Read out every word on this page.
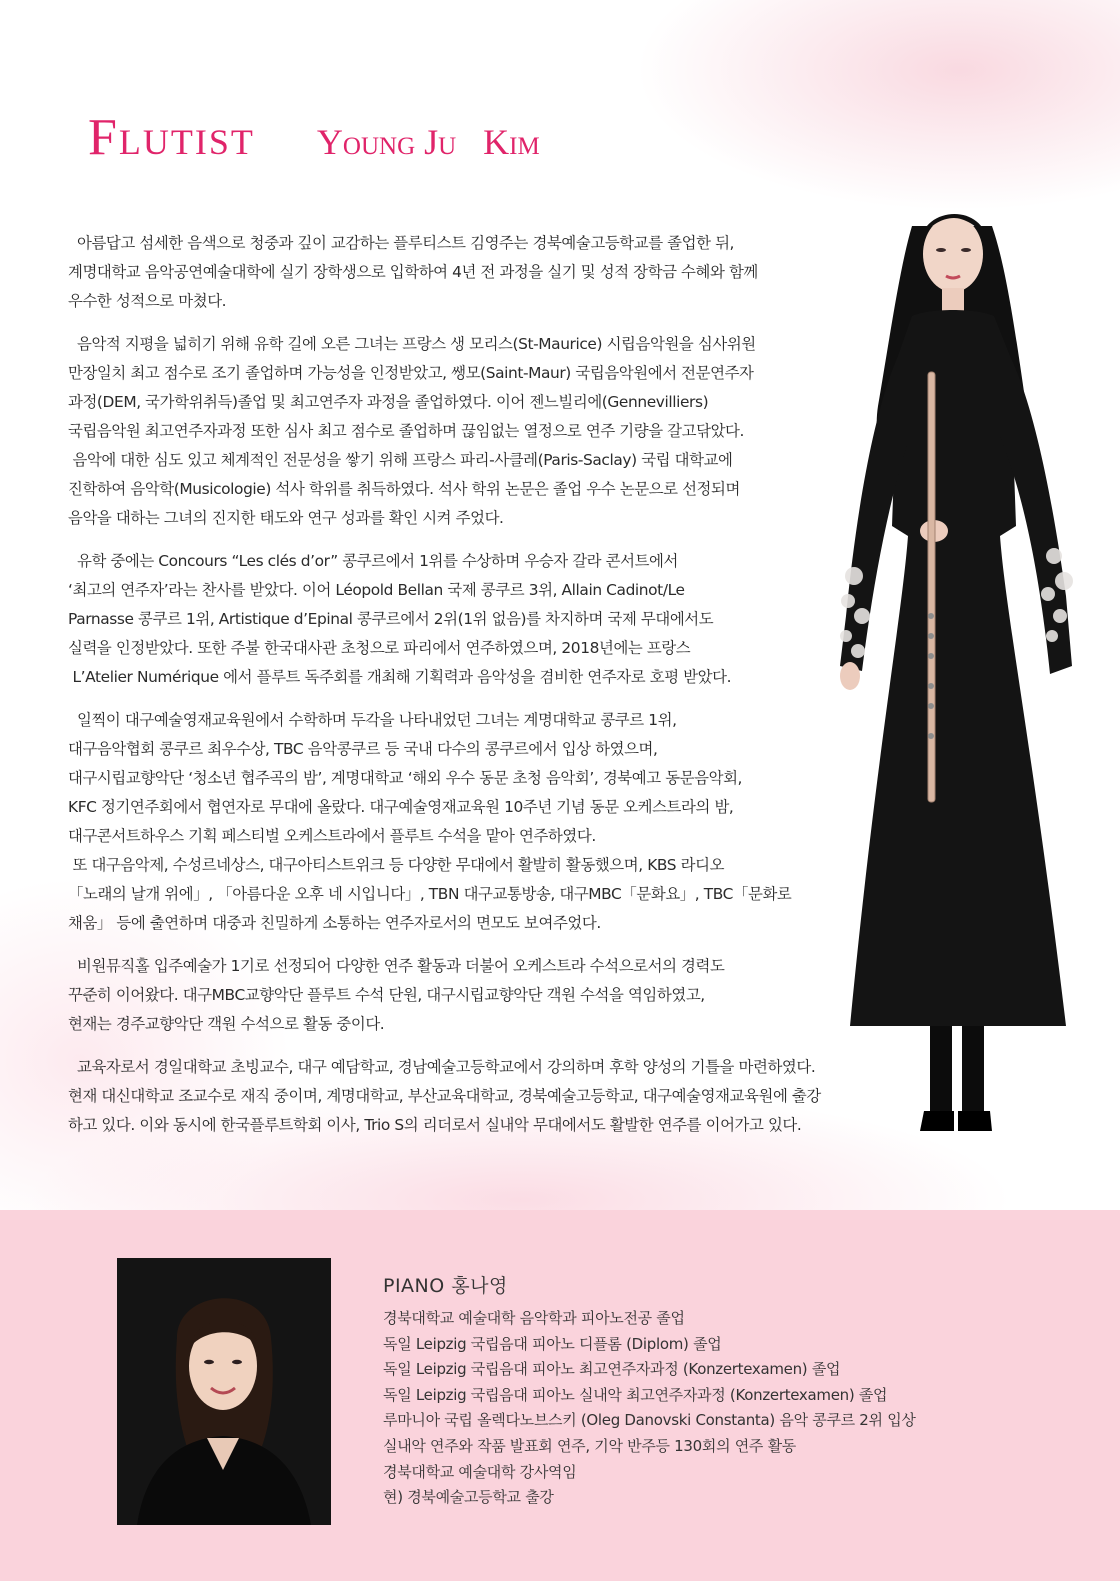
Flutist Young Ju   Kim

아름답고 섬세한 음색으로 청중과 깊이 교감하는 플루티스트 김영주는 경북예술고등학교를 졸업한 뒤,
계명대학교 음악공연예술대학에 실기 장학생으로 입학하여 4년 전 과정을 실기 및 성적 장학금 수혜와 함께
우수한 성적으로 마쳤다.

음악적 지평을 넓히기 위해 유학 길에 오른 그녀는 프랑스 생 모리스(St-Maurice) 시립음악원을 심사위원
만장일치 최고 점수로 조기 졸업하며 가능성을 인정받았고, 쌩모(Saint-Maur) 국립음악원에서 전문연주자
과정(DEM, 국가학위취득)졸업 및 최고연주자 과정을 졸업하였다. 이어 젠느빌리에(Gennevilliers)
국립음악원 최고연주자과정 또한 심사 최고 점수로 졸업하며 끊임없는 열정으로 연주 기량을 갈고닦았다.
음악에 대한 심도 있고 체계적인 전문성을 쌓기 위해 프랑스 파리-사클레(Paris-Saclay) 국립 대학교에
진학하여 음악학(Musicologie) 석사 학위를 취득하였다. 석사 학위 논문은 졸업 우수 논문으로 선정되며
음악을 대하는 그녀의 진지한 태도와 연구 성과를 확인 시켜 주었다.

유학 중에는 Concours “Les clés d’or” 콩쿠르에서 1위를 수상하며 우승자 갈라 콘서트에서
‘최고의 연주자’라는 찬사를 받았다. 이어 Léopold Bellan 국제 콩쿠르 3위, Allain Cadinot/Le
Parnasse 콩쿠르 1위, Artistique d’Epinal 콩쿠르에서 2위(1위 없음)를 차지하며 국제 무대에서도
실력을 인정받았다. 또한 주불 한국대사관 초청으로 파리에서 연주하였으며, 2018년에는 프랑스
L’Atelier Numérique 에서 플루트 독주회를 개최해 기획력과 음악성을 겸비한 연주자로 호평 받았다.

일찍이 대구예술영재교육원에서 수학하며 두각을 나타내었던 그녀는 계명대학교 콩쿠르 1위,
대구음악협회 콩쿠르 최우수상, TBC 음악콩쿠르 등 국내 다수의 콩쿠르에서 입상 하였으며,
대구시립교향악단 ‘청소년 협주곡의 밤’, 계명대학교 ‘해외 우수 동문 초청 음악회’, 경북예고 동문음악회,
KFC 정기연주회에서 협연자로 무대에 올랐다. 대구예술영재교육원 10주년 기념 동문 오케스트라의 밤,
대구콘서트하우스 기획 페스티벌 오케스트라에서 플루트 수석을 맡아 연주하였다.
또 대구음악제, 수성르네상스, 대구아티스트위크 등 다양한 무대에서 활발히 활동했으며, KBS 라디오
「노래의 날개 위에」, 「아름다운 오후 네 시입니다」, TBN 대구교통방송, 대구MBC「문화요」, TBC「문화로
채움」 등에 출연하며 대중과 친밀하게 소통하는 연주자로서의 면모도 보여주었다.

비원뮤직홀 입주예술가 1기로 선정되어 다양한 연주 활동과 더불어 오케스트라 수석으로서의 경력도
꾸준히 이어왔다. 대구MBC교향악단 플루트 수석 단원, 대구시립교향악단 객원 수석을 역임하였고,
현재는 경주교향악단 객원 수석으로 활동 중이다.

교육자로서 경일대학교 초빙교수, 대구 예담학교, 경남예술고등학교에서 강의하며 후학 양성의 기틀을 마련하였다.
현재 대신대학교 조교수로 재직 중이며, 계명대학교, 부산교육대학교, 경북예술고등학교, 대구예술영재교육원에 출강
하고 있다. 이와 동시에 한국플루트학회 이사, Trio S의 리더로서 실내악 무대에서도 활발한 연주를 이어가고 있다.

PIANO 홍나영
경북대학교 예술대학 음악학과 피아노전공 졸업
독일 Leipzig 국립음대 피아노 디플롬 (Diplom) 졸업
독일 Leipzig 국립음대 피아노 최고연주자과정 (Konzertexamen) 졸업
독일 Leipzig 국립음대 피아노 실내악 최고연주자과정 (Konzertexamen) 졸업
루마니아 국립 올렉다노브스키 (Oleg Danovski Constanta) 음악 콩쿠르 2위 입상
실내악 연주와 작품 발표회 연주, 기악 반주등 130회의 연주 활동
경북대학교 예술대학 강사역임
현) 경북예술고등학교 출강
